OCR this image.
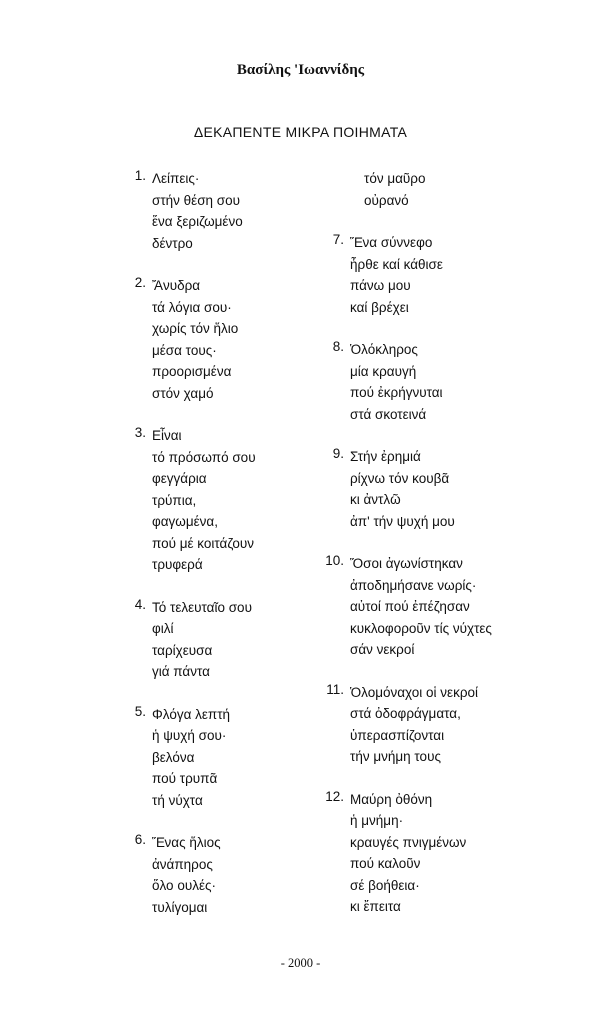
Βασίλης 'Ιωαννίδης
ΔΕΚΑΠΕΝΤΕ ΜΙΚΡΑ ΠΟΙΗΜΑΤΑ
1. Λείπεις·
στήν θέση σου
ἕνα ξεριζωμένο
δέντρο
2. Ἄνυδρα
τά λόγια σου·
χωρίς τόν ἥλιο
μέσα τους·
προορισμένα
στόν χαμό
3. Εἶναι
τό πρόσωπό σου
φεγγάρια
τρύπια,
φαγωμένα,
πού μέ κοιτάζουν
τρυφερά
4. Τό τελευταῖο σου
φιλί
ταρίχευσα
γιά πάντα
5. Φλόγα λεπτή
ἡ ψυχή σου·
βελόνα
πού τρυπᾶ
τή νύχτα
6. Ἕνας ἥλιος
ἀνάπηρος
ὅλο ουλές·
τυλίγομαι
τόν μαῦρο
οὐρανό
7. Ἕνα σύννεφο
ἦρθε καί κάθισε
πάνω μου
καί βρέχει
8. Ὁλόκληρος
μία κραυγή
πού ἐκρήγνυται
στά σκοτεινά
9. Στήν ἐρημιά
ρίχνω τόν κουβᾶ
κι ἀντλῶ
ἀπ' τήν ψυχή μου
10. Ὅσοι ἀγωνίστηκαν
ἀποδημήσανε νωρίς·
αὐτοί πού ἐπέζησαν
κυκλοφοροῦν τίς νύχτες
σάν νεκροί
11. Ὁλομόναχοι οἱ νεκροί
στά ὀδοφράγματα,
ὑπερασπίζονται
τήν μνήμη τους
12. Μαύρη ὀθόνη
ἡ μνήμη·
κραυγές πνιγμένων
πού καλοῦν
σέ βοήθεια·
κι ἔπειτα
- 2000 -
